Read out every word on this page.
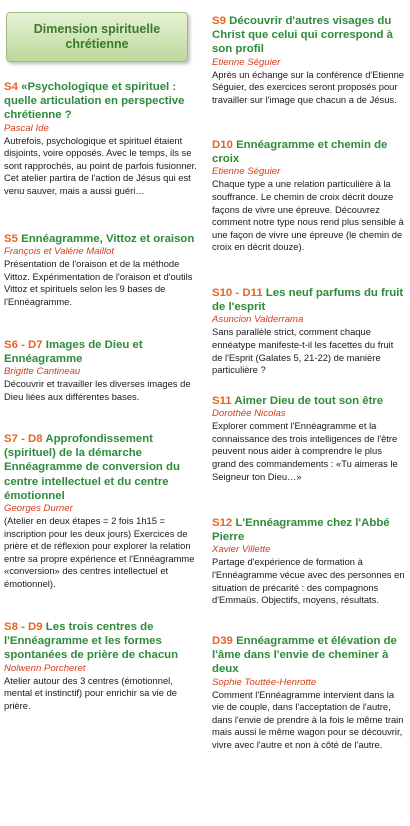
Dimension spirituelle chrétienne

S4 «Psychologique et spirituel : quelle articulation en perspective chrétienne ?

Pascal Ide

Autrefois, psychologique et spirituel étaient disjoints, voire opposés. Avec le temps, ils se sont rapprochés, au point de parfois fusionner. Cet atelier partira de l'action de Jésus qui est venu sauver, mais a aussi guéri…

S5 Ennéagramme, Vittoz et oraison

François et Valérie Maillot

Présentation de l'oraison et de la méthode Vittoz. Expérimentation de l'oraison et d'outils Vittoz et spirituels selon les 9 bases de l'Ennéagramme.

S6 - D7 Images de Dieu et Ennéagramme

Brigitte Cantineau

Découvrir et travailler les diverses images de Dieu liées aux différentes bases.

S7 - D8 Approfondissement (spirituel) de la démarche Ennéagramme de conversion du centre intellectuel et du centre émotionnel

Georges Durner

(Atelier en deux étapes = 2 fois 1h15 = inscription pour les deux jours) Exercices de prière et de réflexion pour explorer la relation entre sa propre expérience et l'Ennéagramme «conversion» des centres intellectuel et émotionnel).

S8 - D9 Les trois centres de l'Ennéagramme et les formes spontanées de prière de chacun

Nolwenn Porcheret

Atelier autour des 3 centres (émotionnel, mental et instinctif) pour enrichir sa vie de prière.

S9 Découvrir d'autres visages du Christ que celui qui correspond à son profil

Etienne Séguier

Après un échange sur la conférence d'Etienne Séguier, des exercices seront proposés pour travailler sur l'image que chacun a de Jésus.

D10 Ennéagramme et chemin de croix

Etienne Séguier

Chaque type a une relation particulière à la souffrance. Le chemin de croix décrit douze façons de vivre une épreuve. Découvrez comment notre type nous rend plus sensible à une façon de vivre une épreuve (le chemin de croix en décrit douze).

S10 - D11 Les neuf parfums du fruit de l'esprit

Asuncion Valderrama

Sans parallèle strict, comment chaque ennéatype manifeste-t-il les facettes du fruit de l'Esprit (Galates 5, 21-22) de manière particulière ?

S11 Aimer Dieu de tout son être

Dorothée Nicolas

Explorer comment l'Ennéagramme et la connaissance des trois intelligences de l'être peuvent nous aider à comprendre le plus grand des commandements : «Tu aimeras le Seigneur ton Dieu…»

S12 L'Ennéagramme chez l'Abbé Pierre

Xavier Villette

Partage d'expérience de formation à l'Ennéagramme vécue avec des personnes en situation de précarité : des compagnons d'Emmaüs. Objectifs, moyens, résultats.

D39 Ennéagramme et élévation de l'âme dans l'envie de cheminer à deux

Sophie Touttée-Henrotte

Comment l'Ennéagramme intervient dans la vie de couple, dans l'acceptation de l'autre, dans l'envie de prendre à la fois le même train mais aussi le même wagon pour se découvrir, vivre avec l'autre et non à côté de l'autre.
